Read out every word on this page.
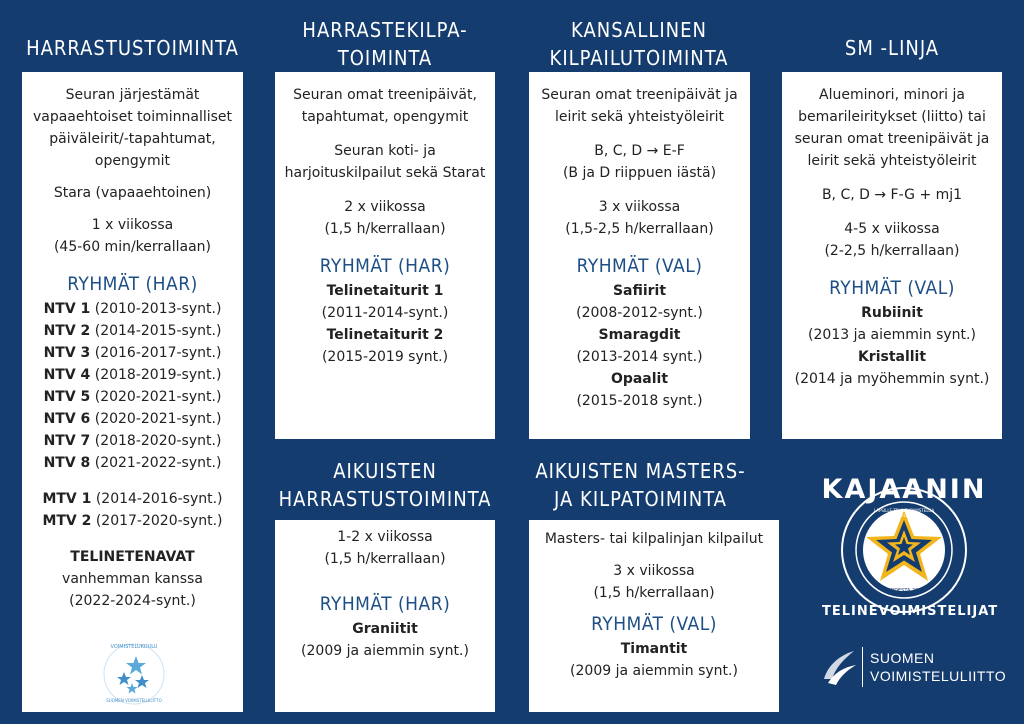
HARRASTUSTOIMINTA
HARRASTEKILPA-
TOIMINTA
KANSALLINEN
KILPAILUTOIMINTA	SM -LINJA
AIKUISTEN
HARRASTUSTOIMINTA
AIKUISTEN MASTERS-
JA KILPATOIMINTA

Seuran järjestämät vapaaehtoiset toiminnalliset päiväleirit/-tapahtumat, opengymit

Stara (vapaaehtoinen)

1 x viikossa

(45-60 min/kerrallaan)

RYHMÄT (HAR)
NTV 1 (2010-2013-synt.)
NTV 2 (2014-2015-synt.)
NTV 3 (2016-2017-synt.)
NTV 4 (2018-2019-synt.)
NTV 5 (2020-2021-synt.)
NTV 6 (2020-2021-synt.)
NTV 7 (2018-2020-synt.)
NTV 8 (2021-2022-synt.)
MTV 1 (2014-2016-synt.)
MTV 2 (2017-2020-synt.)
TELINETENAVAT
vanhemman kanssa
(2022-2024-synt.)
VOIMISTELUKOULU
SUOMEN VOIMISTELULIITTO

Seuran omat treenipäivät, tapahtumat, opengymit

Seuran koti- ja harjoituskilpailut sekä Starat

2 x viikossa

(1,5 h/kerrallaan)

RYHMÄT (HAR)
Telinetaiturit 1
(2011-2014-synt.)
Telinetaiturit 2
(2015-2019 synt.)

Seuran omat treenipäivät ja leirit sekä yhteistyöleirit

B, C, D → E-F

(B ja D riippuen iästä)

3 x viikossa

(1,5-2,5 h/kerrallaan)

RYHMÄT (VAL)
Safiirit
(2008-2012-synt.)
Smaragdit
(2013-2014 synt.)
Opaalit
(2015-2018 synt.)

Alueminori, minori ja bemarileiritykset (liitto) tai seuran omat treenipäivät ja leirit sekä yhteistyöleirit

B, C, D → F-G + mj1

4-5 x viikossa

(2-2,5 h/kerrallaan)

RYHMÄT (VAL)
Rubiinit
(2013 ja aiemmin synt.)
Kristallit
(2014 ja myöhemmin synt.)
1-2 x viikossa

(1,5 h/kerrallaan)

RYHMÄT (HAR)
Graniitit
(2009 ja aiemmin synt.)

Masters- tai kilpalinjan kilpailut

3 x viikossa

(1,5 h/kerrallaan)

RYHMÄT (VAL)
Timantit
(2009 ja aiemmin synt.)
KAJAANIN
LAPSILLE TELINEVOIMISTELUA VASTUULLISESTI
VUODESTA 2014
TELINEVOIMISTELIJAT
SUOMEN
VOIMISTELULIITTO
